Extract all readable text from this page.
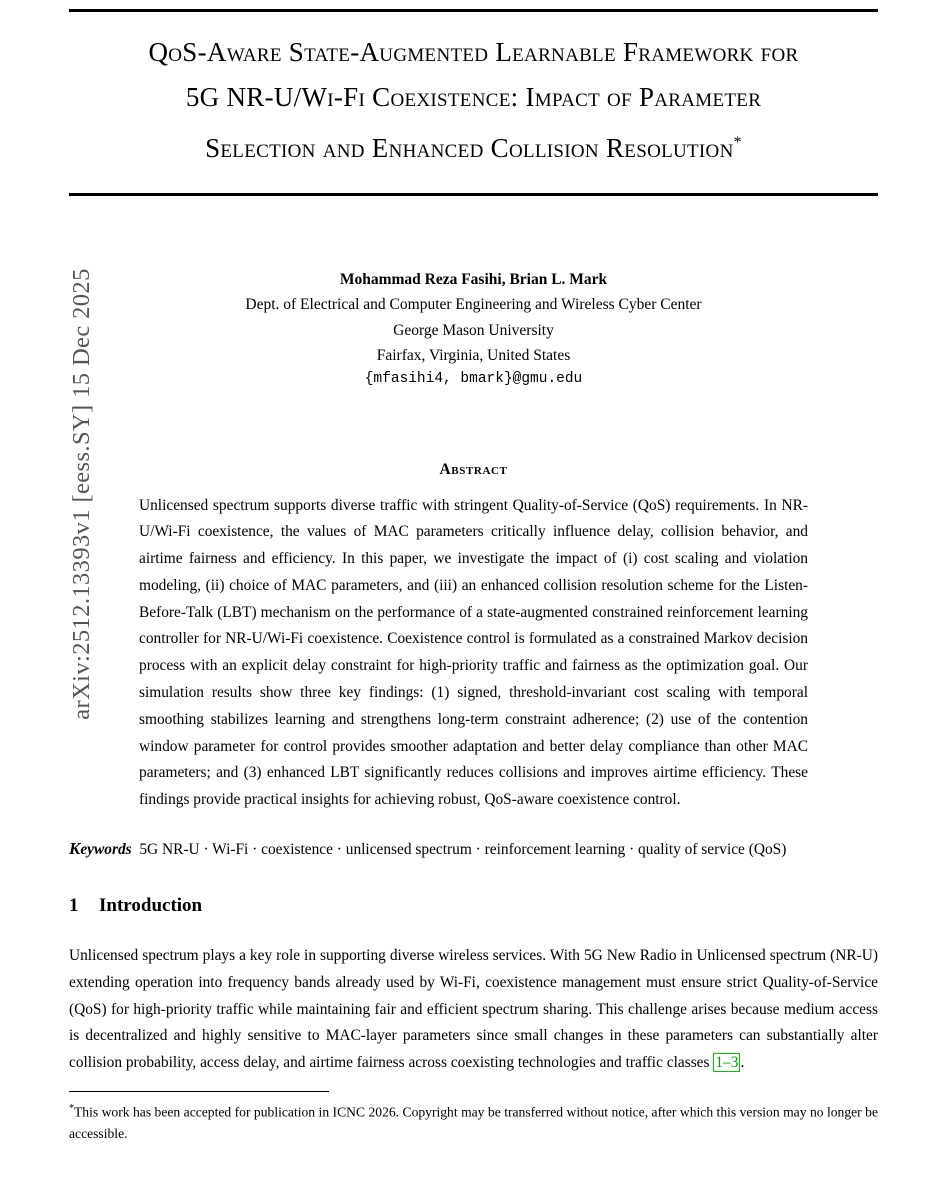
arXiv:2512.13393v1 [eess.SY] 15 Dec 2025
QoS-Aware State-Augmented Learnable Framework for
5G NR-U/Wi-Fi Coexistence: Impact of Parameter
Selection and Enhanced Collision Resolution*
Mohammad Reza Fasihi, Brian L. Mark
Dept. of Electrical and Computer Engineering and Wireless Cyber Center
George Mason University
Fairfax, Virginia, United States
{mfasihi4, bmark}@gmu.edu
Abstract
Unlicensed spectrum supports diverse traffic with stringent Quality-of-Service (QoS) requirements. In NR-U/Wi-Fi coexistence, the values of MAC parameters critically influence delay, collision behavior, and airtime fairness and efficiency. In this paper, we investigate the impact of (i) cost scaling and violation modeling, (ii) choice of MAC parameters, and (iii) an enhanced collision resolution scheme for the Listen-Before-Talk (LBT) mechanism on the performance of a state-augmented constrained reinforcement learning controller for NR-U/Wi-Fi coexistence. Coexistence control is formulated as a constrained Markov decision process with an explicit delay constraint for high-priority traffic and fairness as the optimization goal. Our simulation results show three key findings: (1) signed, threshold-invariant cost scaling with temporal smoothing stabilizes learning and strengthens long-term constraint adherence; (2) use of the contention window parameter for control provides smoother adaptation and better delay compliance than other MAC parameters; and (3) enhanced LBT significantly reduces collisions and improves airtime efficiency. These findings provide practical insights for achieving robust, QoS-aware coexistence control.
Keywords 5G NR-U · Wi-Fi · coexistence · unlicensed spectrum · reinforcement learning · quality of service (QoS)
1 Introduction
Unlicensed spectrum plays a key role in supporting diverse wireless services. With 5G New Radio in Unlicensed spectrum (NR-U) extending operation into frequency bands already used by Wi-Fi, coexistence management must ensure strict Quality-of-Service (QoS) for high-priority traffic while maintaining fair and efficient spectrum sharing. This challenge arises because medium access is decentralized and highly sensitive to MAC-layer parameters since small changes in these parameters can substantially alter collision probability, access delay, and airtime fairness across coexisting technologies and traffic classes 1–3 .
*This work has been accepted for publication in ICNC 2026. Copyright may be transferred without notice, after which this version may no longer be accessible.
